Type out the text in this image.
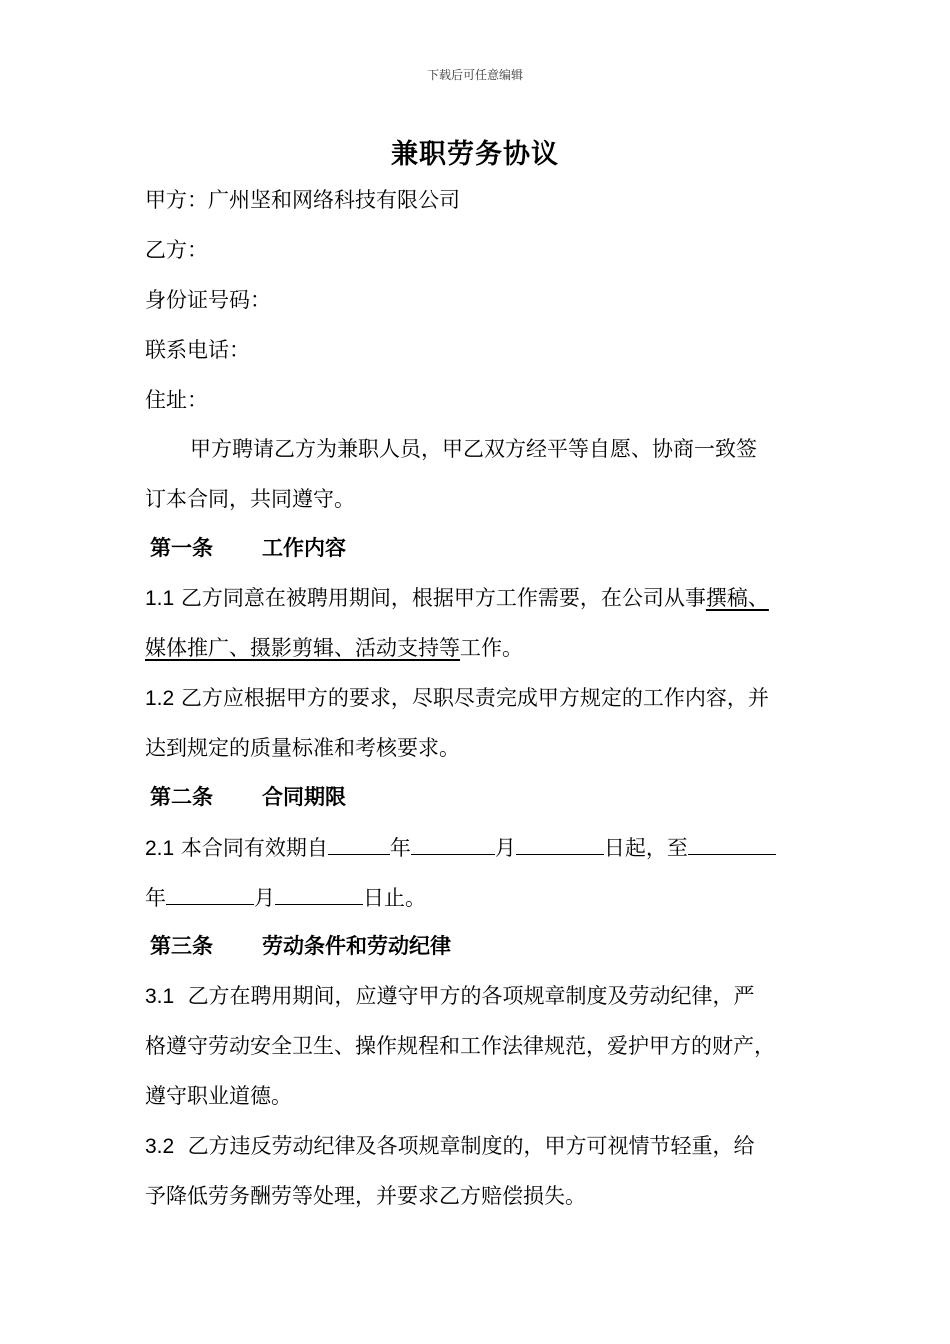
下载后可任意编辑
兼职劳务协议
甲方：广州坚和网络科技有限公司
乙方：
身份证号码：
联系电话：
住址：
甲方聘请乙方为兼职人员，甲乙双方经平等自愿、协商一致签
订本合同，共同遵守。
第一条 工作内容
1.1 乙方同意在被聘用期间，根据甲方工作需要，在公司从事撰稿、
媒体推广、摄影剪辑、活动支持等工作。
1.2 乙方应根据甲方的要求，尽职尽责完成甲方规定的工作内容，并
达到规定的质量标准和考核要求。
第二条 合同期限
2.1 本合同有效期自	年	月	日起，至
年	月	日止。
第三条 劳动条件和劳动纪律
3.1 乙方在聘用期间，应遵守甲方的各项规章制度及劳动纪律，严
格遵守劳动安全卫生、操作规程和工作法律规范，爱护甲方的财产，
遵守职业道德。
3.2 乙方违反劳动纪律及各项规章制度的，甲方可视情节轻重，给
予降低劳务酬劳等处理，并要求乙方赔偿损失。
